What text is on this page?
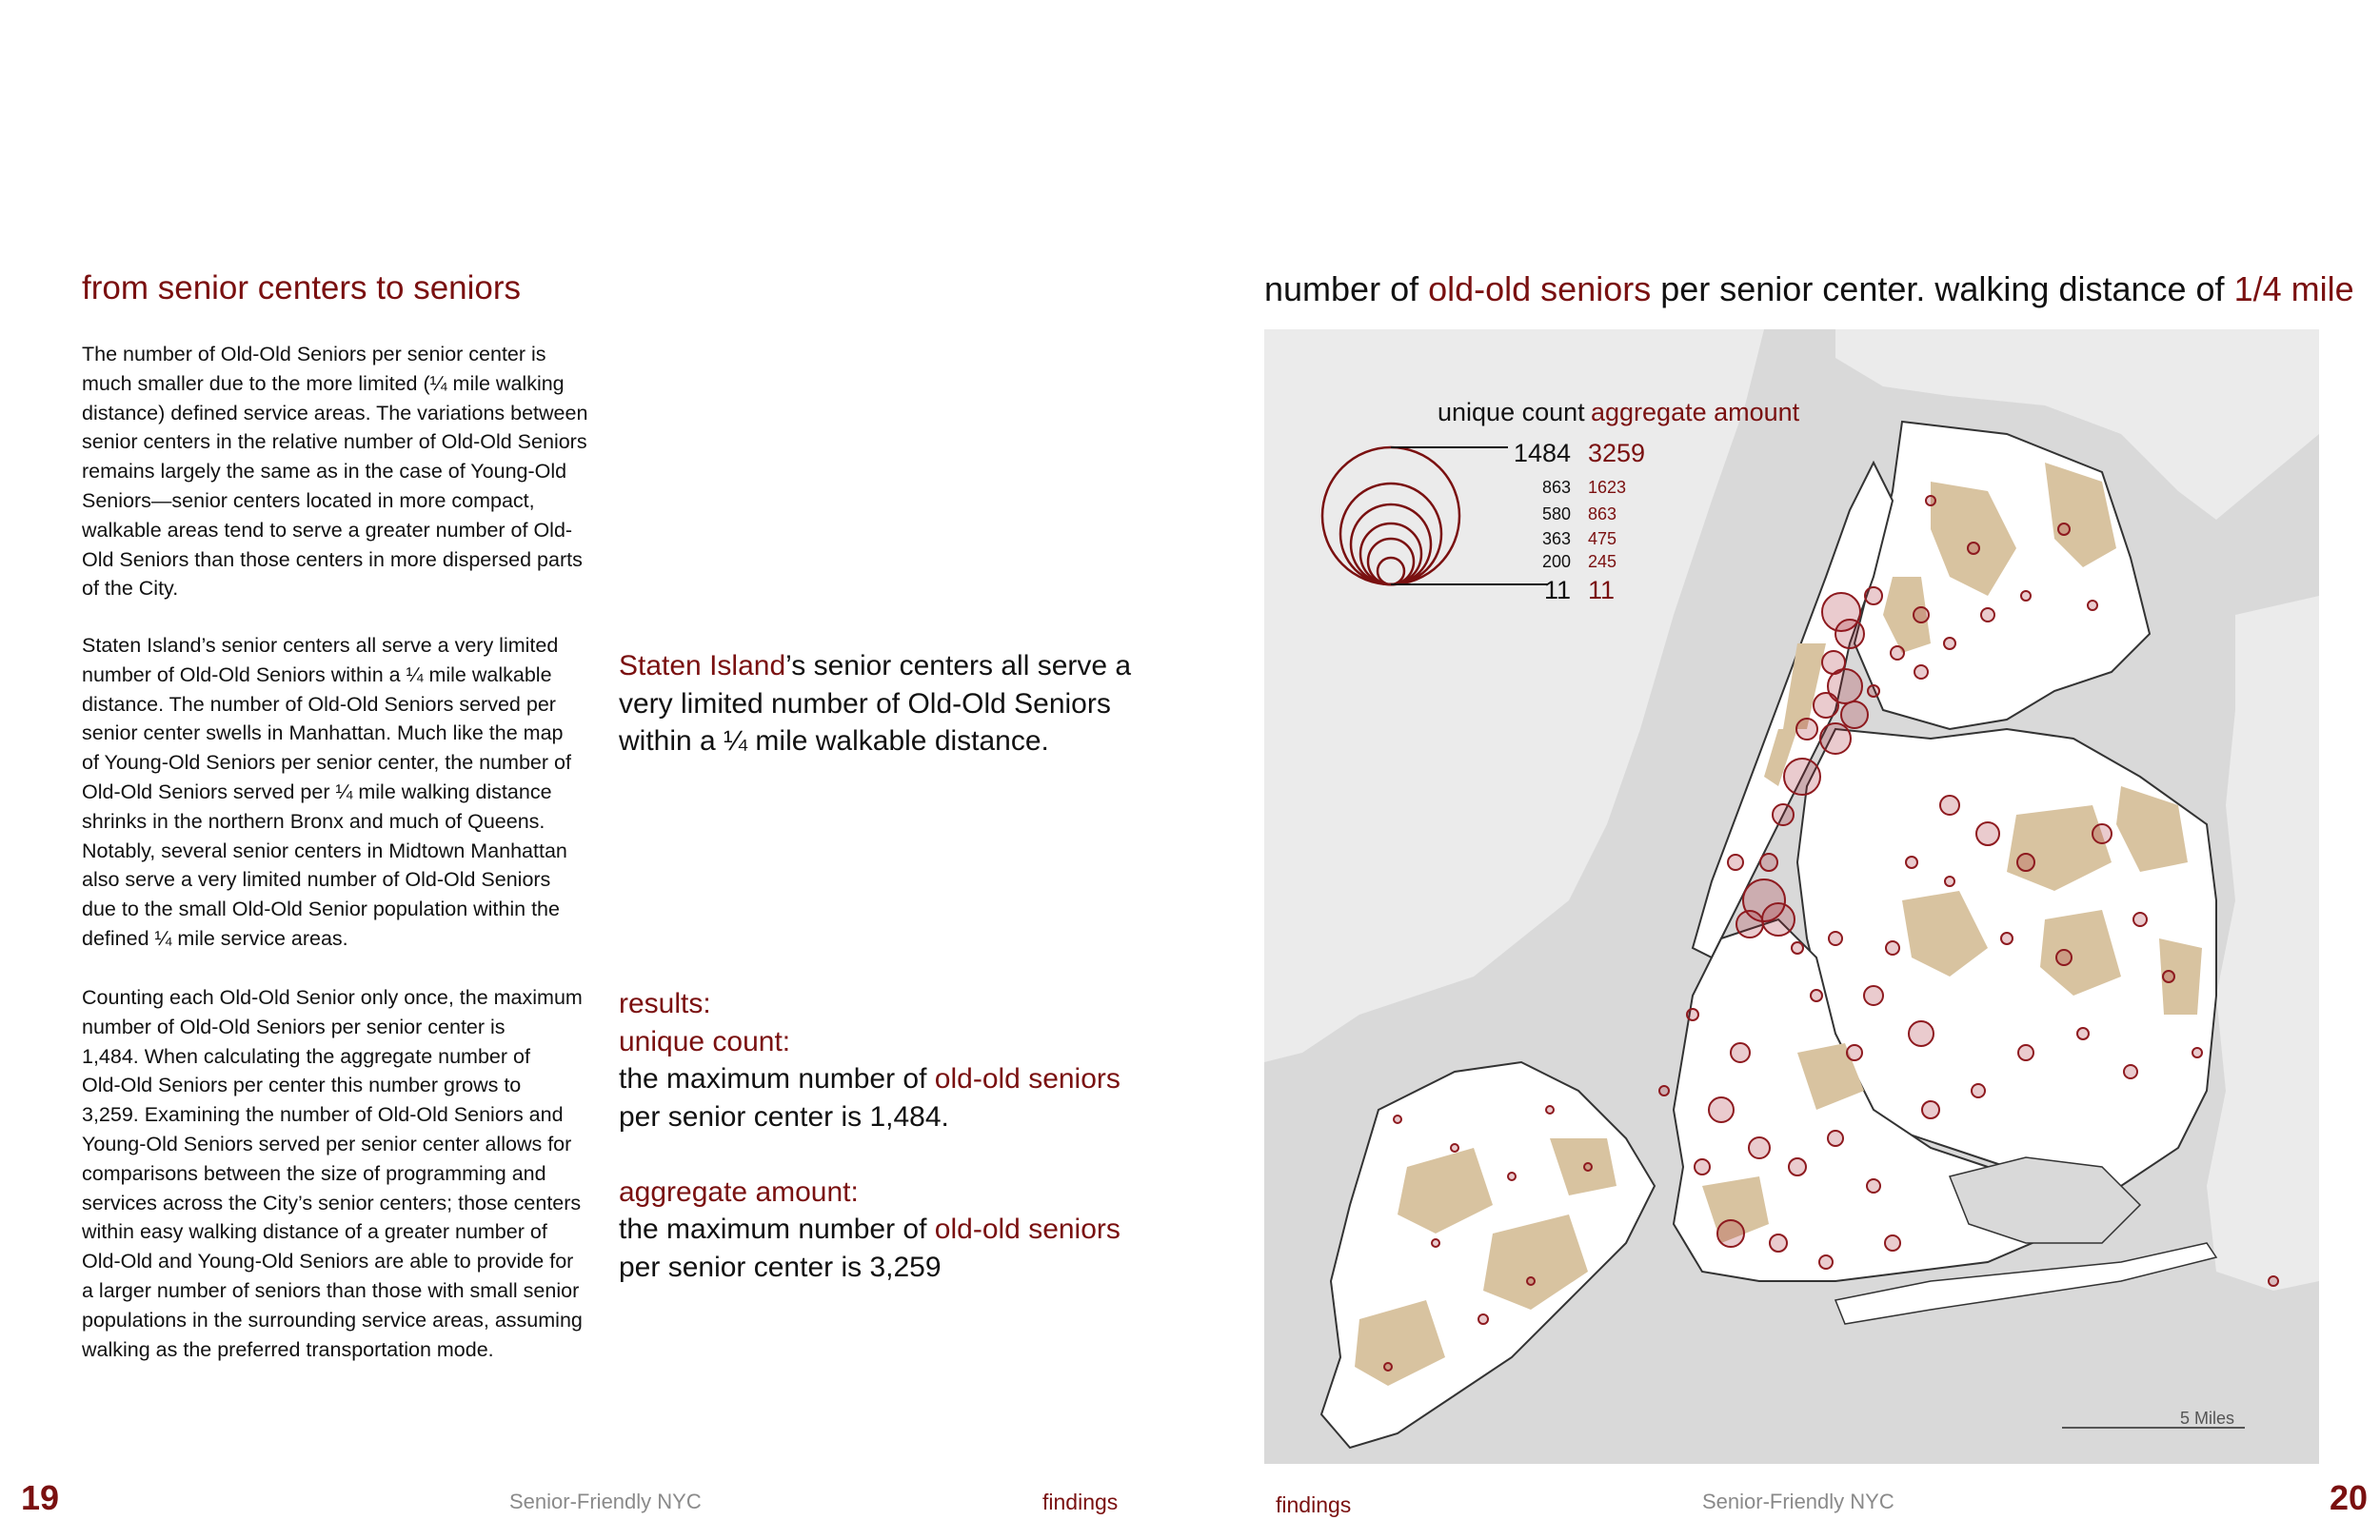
from senior centers to seniors

The number of Old-Old Seniors per senior center is

much smaller due to the more limited (¼ mile walking

distance) defined service areas. The variations between

senior centers in the relative number of Old-Old Seniors

remains largely the same as in the case of Young-Old

Seniors—senior centers located in more compact,

walkable areas tend to serve a greater number of Old-

Old Seniors than those centers in more dispersed parts

of the City.

Staten Island’s senior centers all serve a very limited

number of Old-Old Seniors within a ¼ mile walkable

distance. The number of Old-Old Seniors served per

senior center swells in Manhattan. Much like the map

of Young-Old Seniors per senior center, the number of

Old-Old Seniors served per ¼ mile walking distance

shrinks in the northern Bronx and much of Queens.

Notably, several senior centers in Midtown Manhattan

also serve a very limited number of Old-Old Seniors

due to the small Old-Old Senior population within the

defined ¼ mile service areas.

Counting each Old-Old Senior only once, the maximum

number of Old-Old Seniors per senior center is

1,484. When calculating the aggregate number of

Old-Old Seniors per center this number grows to

3,259. Examining the number of Old-Old Seniors and

Young-Old Seniors served per senior center allows for

comparisons between the size of programming and

services across the City’s senior centers; those centers

within easy walking distance of a greater number of

Old-Old and Young-Old Seniors are able to provide for

a larger number of seniors than those with small senior

populations in the surrounding service areas, assuming

walking as the preferred transportation mode.

Staten Island’s senior centers all serve a

very limited number of Old-Old Seniors

within a ¼ mile walkable distance.

results:

unique count:

the maximum number of old-old seniors

per senior center is 1,484.

aggregate amount:

the maximum number of old-old seniors

per senior center is 3,259

number of old-old seniors per senior center. walking distance of 1/4 mile
unique count aggregate amount
1484 3259
863 1623
580 863
363 475
200 245
11 11
5 Miles
19	Senior-Friendly NYC	findings	findings	Senior-Friendly NYC	20
